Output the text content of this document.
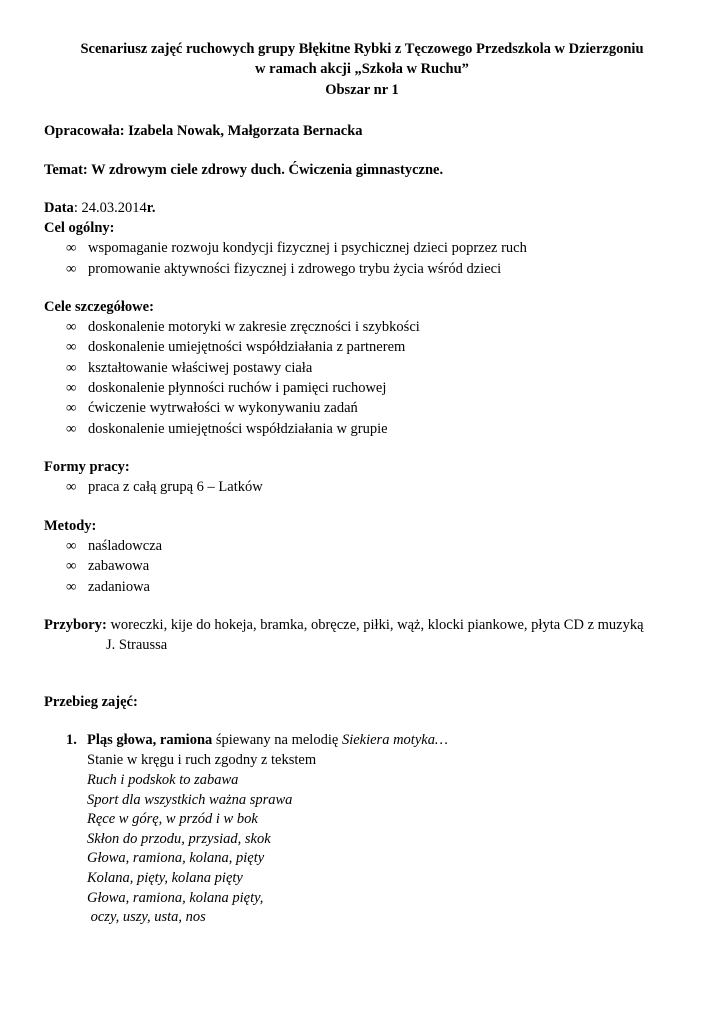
Scenariusz zajęć ruchowych grupy Błękitne Rybki z Tęczowego Przedszkola w Dzierzgoniu
w ramach akcji „Szkoła w Ruchu”
Obszar nr 1
Opracowała: Izabela Nowak, Małgorzata Bernacka
Temat: W zdrowym ciele zdrowy duch. Ćwiczenia gimnastyczne.
Data: 24.03.2014r.
Cel ogólny:
∞ wspomaganie rozwoju kondycji fizycznej i psychicznej dzieci poprzez ruch
∞ promowanie aktywności fizycznej i zdrowego trybu życia wśród dzieci
Cele szczegółowe:
∞ doskonalenie motoryki w zakresie zręczności i szybkości
∞ doskonalenie umiejętności współdziałania z partnerem
∞ kształtowanie właściwej postawy ciała
∞ doskonalenie płynności ruchów i pamięci ruchowej
∞ ćwiczenie wytrwałości w wykonywaniu zadań
∞ doskonalenie umiejętności współdziałania w grupie
Formy pracy:
∞ praca z całą grupą 6 – Latków
Metody:
∞ naśladowcza
∞ zabawowa
∞ zadaniowa
Przybory: woreczki, kije do hokeja, bramka, obręcze, piłki, wąż, klocki piankowe, płyta CD z muzyką
J. Straussa
Przebieg zajęć:
1. Pląs głowa, ramiona śpiewany na melodię Siekiera motyka…
Stanie w kręgu i ruch zgodny z tekstem
Ruch i podskok to zabawa
Sport dla wszystkich ważna sprawa
Ręce w górę, w przód i w bok
Skłon do przodu, przysiad, skok
Głowa, ramiona, kolana, pięty
Kolana, pięty, kolana pięty
Głowa, ramiona, kolana pięty,
oczy, uszy, usta, nos
